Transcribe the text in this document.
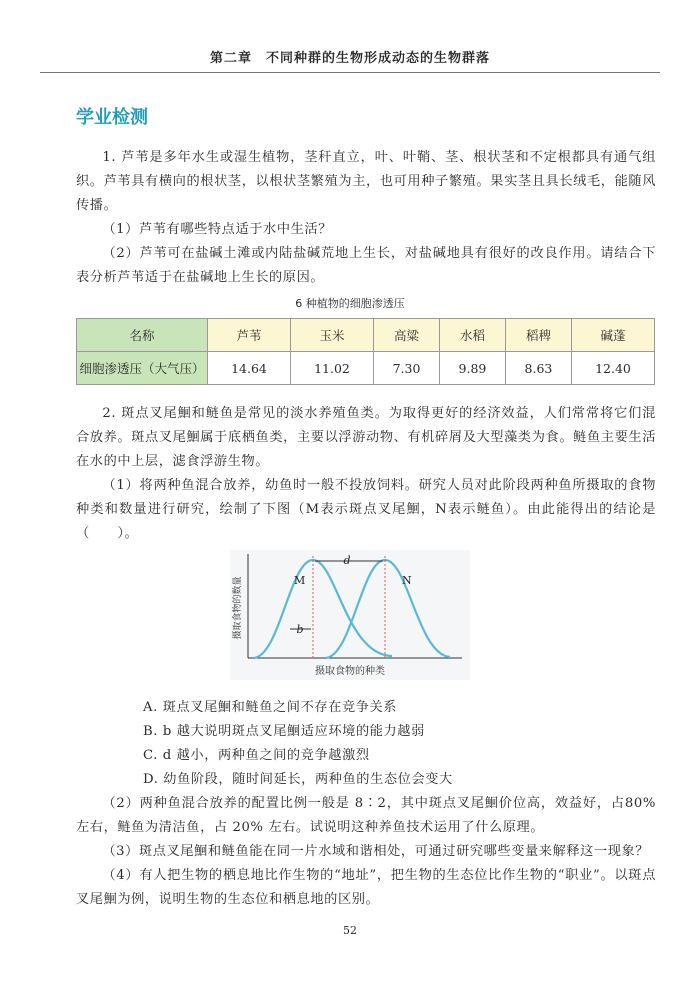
第二章　不同种群的生物形成动态的生物群落
学业检测
1. 芦苇是多年水生或湿生植物，茎秆直立，叶、叶鞘、茎、根状茎和不定根都具有通气组织。芦苇具有横向的根状茎，以根状茎繁殖为主，也可用种子繁殖。果实茎且具长绒毛，能随风传播。
（1）芦苇有哪些特点适于水中生活？
（2）芦苇可在盐碱土滩或内陆盐碱荒地上生长，对盐碱地具有很好的改良作用。请结合下表分析芦苇适于在盐碱地上生长的原因。
6 种植物的细胞渗透压
名称	芦苇	玉米	高粱	水稻	稻稗	碱蓬
细胞渗透压（大气压）	14.64	11.02	7.30	9.89	8.63	12.40
2. 斑点叉尾鮰和鲢鱼是常见的淡水养殖鱼类。为取得更好的经济效益，人们常常将它们混合放养。斑点叉尾鮰属于底栖鱼类，主要以浮游动物、有机碎屑及大型藻类为食。鲢鱼主要生活在水的中上层，滤食浮游生物。
（1）将两种鱼混合放养，幼鱼时一般不投放饲料。研究人员对此阶段两种鱼所摄取的食物种类和数量进行研究，绘制了下图（M表示斑点叉尾鮰，N表示鲢鱼）。由此能得出的结论是（　　）。
d
b
M	N
摄取食物的种类
摄取食物的数量
A. 斑点叉尾鮰和鲢鱼之间不存在竞争关系
B. b 越大说明斑点叉尾鮰适应环境的能力越弱
C. d 越小，两种鱼之间的竞争越激烈
D. 幼鱼阶段，随时间延长，两种鱼的生态位会变大
（2）两种鱼混合放养的配置比例一般是 8∶2，其中斑点叉尾鮰价位高，效益好，占80%左右，鲢鱼为清洁鱼，占 20% 左右。试说明这种养鱼技术运用了什么原理。
（3）斑点叉尾鮰和鲢鱼能在同一片水域和谐相处，可通过研究哪些变量来解释这一现象？
（4）有人把生物的栖息地比作生物的“地址”，把生物的生态位比作生物的“职业”。以斑点叉尾鮰为例，说明生物的生态位和栖息地的区别。
52
